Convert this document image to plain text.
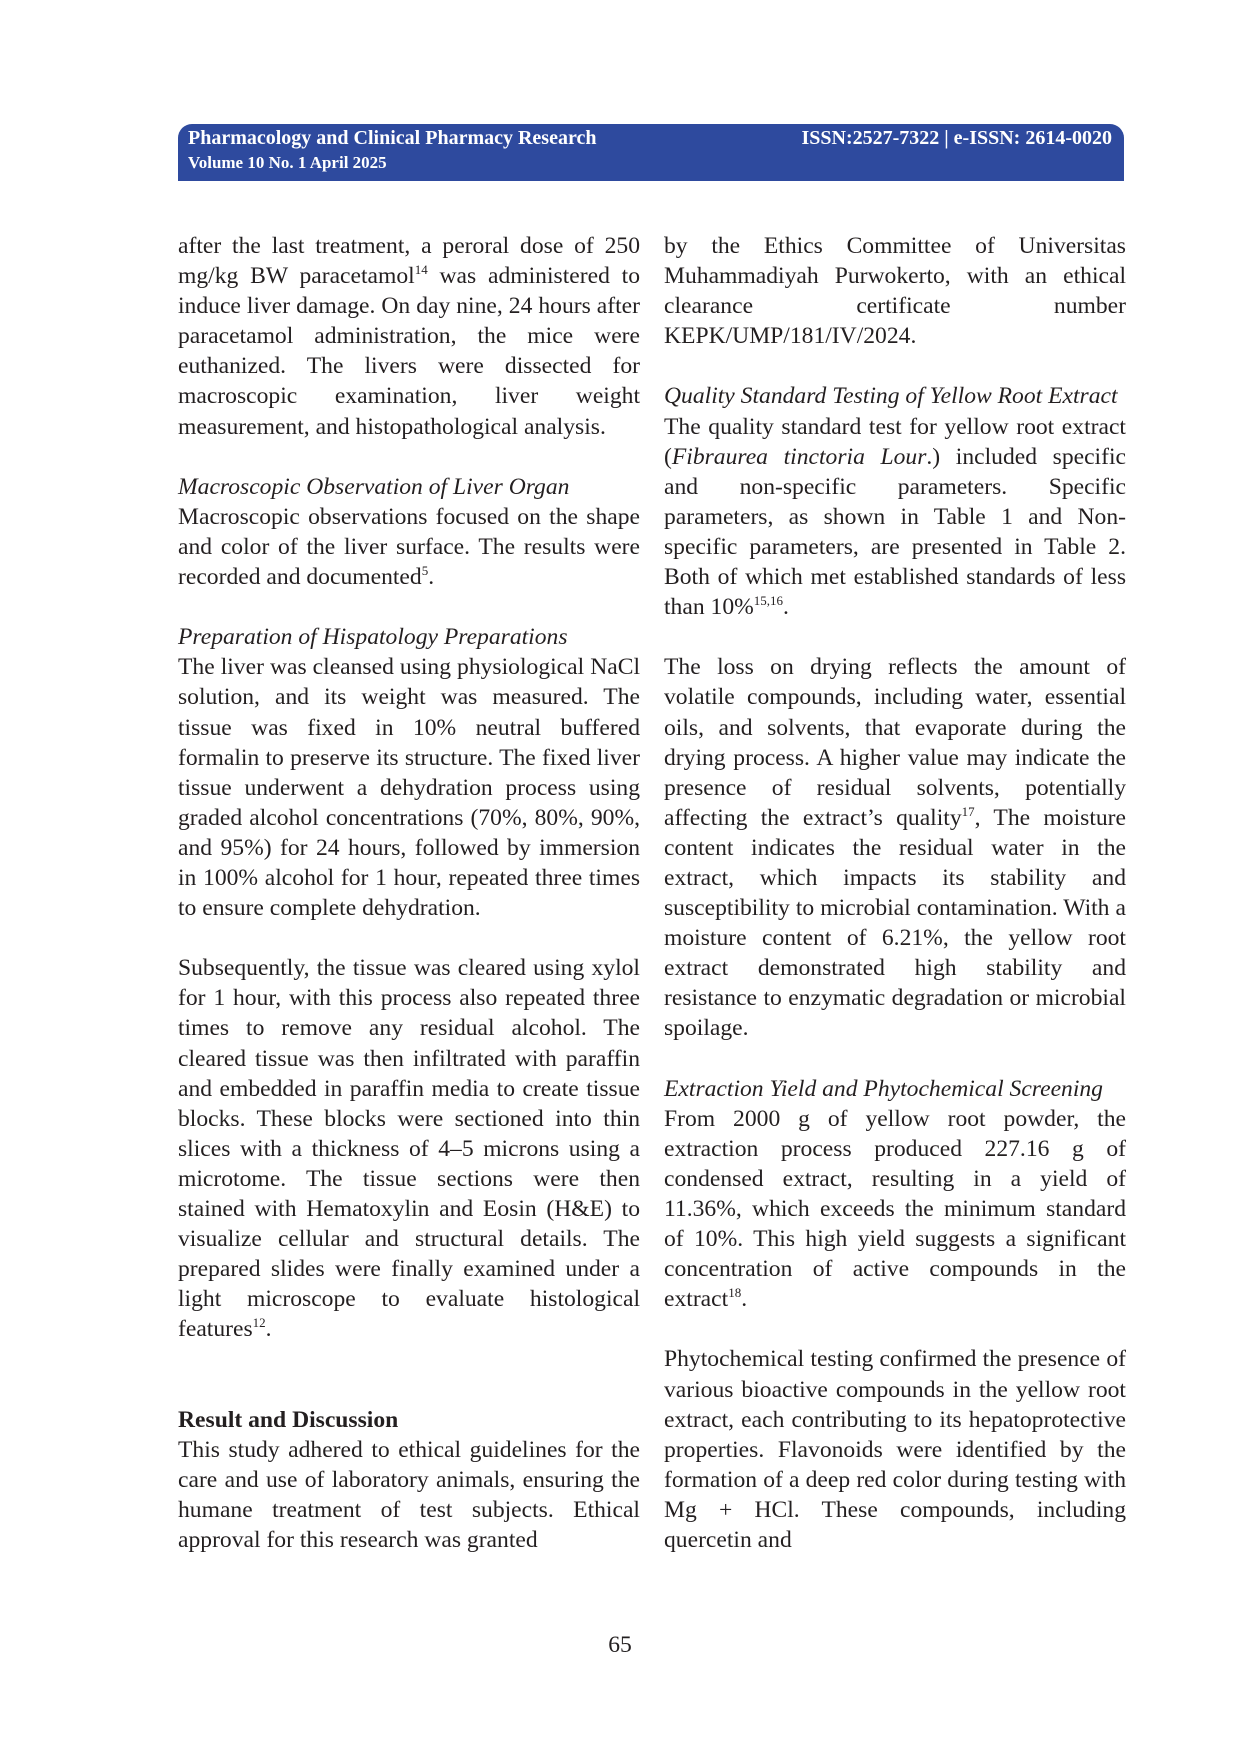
Pharmacology and Clinical Pharmacy Research
Volume 10 No. 1 April 2025
ISSN:2527-7322 | e-ISSN: 2614-0020

after the last treatment, a peroral dose of 250 mg/kg BW paracetamol$^{14}$ was administered to induce liver damage. On day nine, 24 hours after paracetamol administration, the mice were euthanized. The livers were dissected for macroscopic examination, liver weight measurement, and histopathological analysis.

Macroscopic Observation of Liver Organ

Macroscopic observations focused on the shape and color of the liver surface. The results were recorded and documented$^5$.

Preparation of Hispatology Preparations

The liver was cleansed using physiological NaCl solution, and its weight was measured. The tissue was fixed in 10% neutral buffered formalin to preserve its structure. The fixed liver tissue underwent a dehydration process using graded alcohol concentrations (70%, 80%, 90%, and 95%) for 24 hours, followed by immersion in 100% alcohol for 1 hour, repeated three times to ensure complete dehydration.

Subsequently, the tissue was cleared using xylol for 1 hour, with this process also repeated three times to remove any residual alcohol. The cleared tissue was then infiltrated with paraffin and embedded in paraffin media to create tissue blocks. These blocks were sectioned into thin slices with a thickness of 4–5 microns using a microtome. The tissue sections were then stained with Hematoxylin and Eosin (H&E) to visualize cellular and structural details. The prepared slides were finally examined under a light microscope to evaluate histological features$^{12}$.

Result and Discussion

This study adhered to ethical guidelines for the care and use of laboratory animals, ensuring the humane treatment of test subjects. Ethical approval for this research was granted

by the Ethics Committee of Universitas Muhammadiyah Purwokerto, with an ethical clearance certificate number KEPK/UMP/181/IV/2024.

Quality Standard Testing of Yellow Root Extract

The quality standard test for yellow root extract (Fibraurea tinctoria Lour.) included specific and non-specific parameters. Specific parameters, as shown in Table 1 and Non-specific parameters, are presented in Table 2. Both of which met established standards of less than 10%$^{15,16}$.

The loss on drying reflects the amount of volatile compounds, including water, essential oils, and solvents, that evaporate during the drying process. A higher value may indicate the presence of residual solvents, potentially affecting the extract’s quality$^{17}$, The moisture content indicates the residual water in the extract, which impacts its stability and susceptibility to microbial contamination. With a moisture content of 6.21%, the yellow root extract demonstrated high stability and resistance to enzymatic degradation or microbial spoilage.

Extraction Yield and Phytochemical Screening

From 2000 g of yellow root powder, the extraction process produced 227.16 g of condensed extract, resulting in a yield of 11.36%, which exceeds the minimum standard of 10%. This high yield suggests a significant concentration of active compounds in the extract$^{18}$.

Phytochemical testing confirmed the presence of various bioactive compounds in the yellow root extract, each contributing to its hepatoprotective properties. Flavonoids were identified by the formation of a deep red color during testing with Mg + HCl. These compounds, including quercetin and

65
